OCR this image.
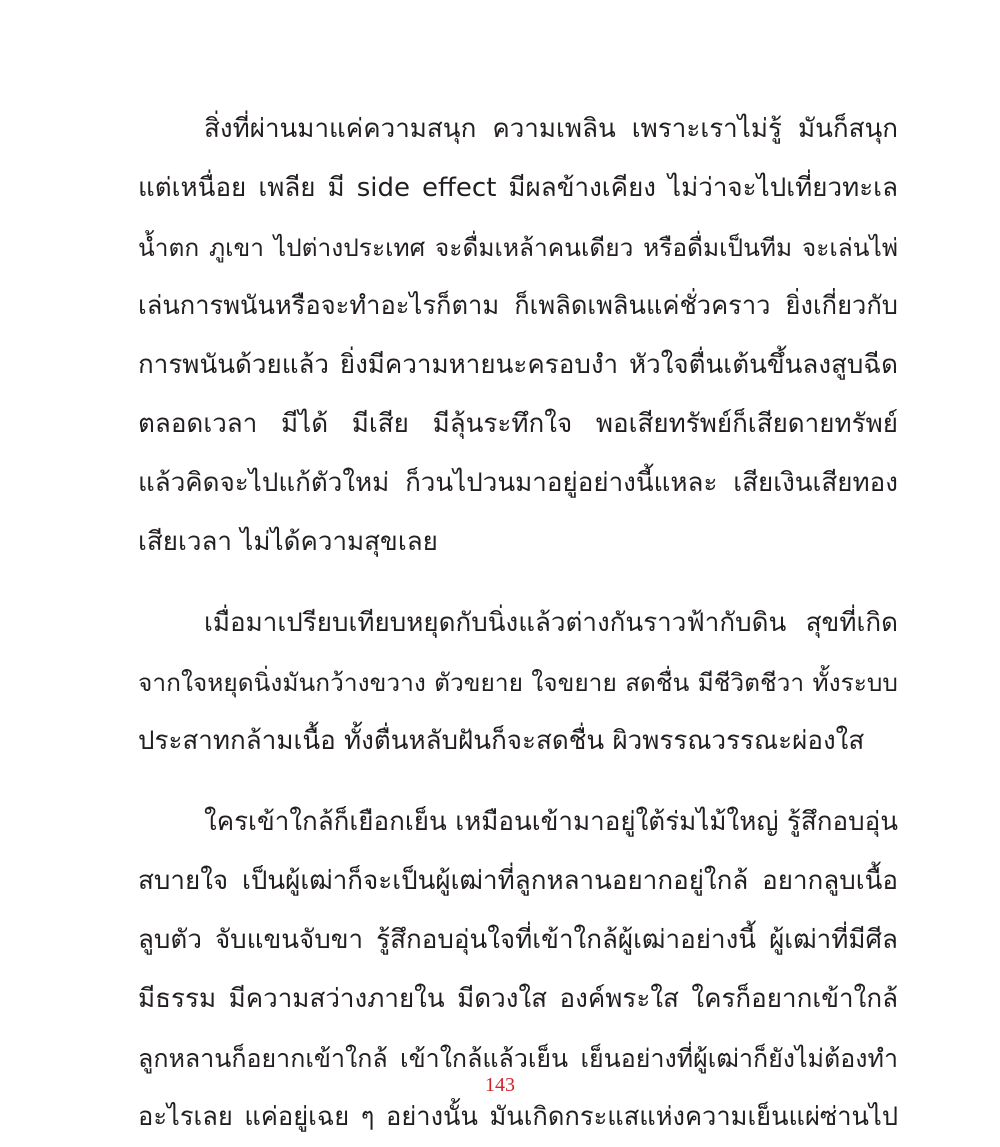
สิ่งที่ผ่านมาแค่ความสนุก ความเพลิน เพราะเราไม่รู้ มันก็สนุก
แต่เหนื่อย เพลีย มี side effect มีผลข้างเคียง ไม่ว่าจะไปเที่ยวทะเล
น้ำตก ภูเขา ไปต่างประเทศ จะดื่มเหล้าคนเดียว หรือดื่มเป็นทีม จะเล่นไพ่
เล่นการพนันหรือจะทำอะไรก็ตาม ก็เพลิดเพลินแค่ชั่วคราว ยิ่งเกี่ยวกับ
การพนันด้วยแล้ว ยิ่งมีความหายนะครอบงำ หัวใจตื่นเต้นขึ้นลงสูบฉีด
ตลอดเวลา มีได้ มีเสีย มีลุ้นระทึกใจ พอเสียทรัพย์ก็เสียดายทรัพย์
แล้วคิดจะไปแก้ตัวใหม่ ก็วนไปวนมาอยู่อย่างนี้แหละ เสียเงินเสียทอง
เสียเวลา ไม่ได้ความสุขเลย
เมื่อมาเปรียบเทียบหยุดกับนิ่งแล้วต่างกันราวฟ้ากับดิน สุขที่เกิด
จากใจหยุดนิ่งมันกว้างขวาง ตัวขยาย ใจขยาย สดชื่น มีชีวิตชีวา ทั้งระบบ
ประสาทกล้ามเนื้อ ทั้งตื่นหลับฝันก็จะสดชื่น ผิวพรรณวรรณะผ่องใส
ใครเข้าใกล้ก็เยือกเย็น เหมือนเข้ามาอยู่ใต้ร่มไม้ใหญ่ รู้สึกอบอุ่น
สบายใจ เป็นผู้เฒ่าก็จะเป็นผู้เฒ่าที่ลูกหลานอยากอยู่ใกล้ อยากลูบเนื้อ
ลูบตัว จับแขนจับขา รู้สึกอบอุ่นใจที่เข้าใกล้ผู้เฒ่าอย่างนี้ ผู้เฒ่าที่มีศีล
มีธรรม มีความสว่างภายใน มีดวงใส องค์พระใส ใครก็อยากเข้าใกล้
ลูกหลานก็อยากเข้าใกล้ เข้าใกล้แล้วเย็น เย็นอย่างที่ผู้เฒ่าก็ยังไม่ต้องทำ
อะไรเลย แค่อยู่เฉย ๆ อย่างนั้น มันเกิดกระแสแห่งความเย็นแผ่ซ่านไป
143
